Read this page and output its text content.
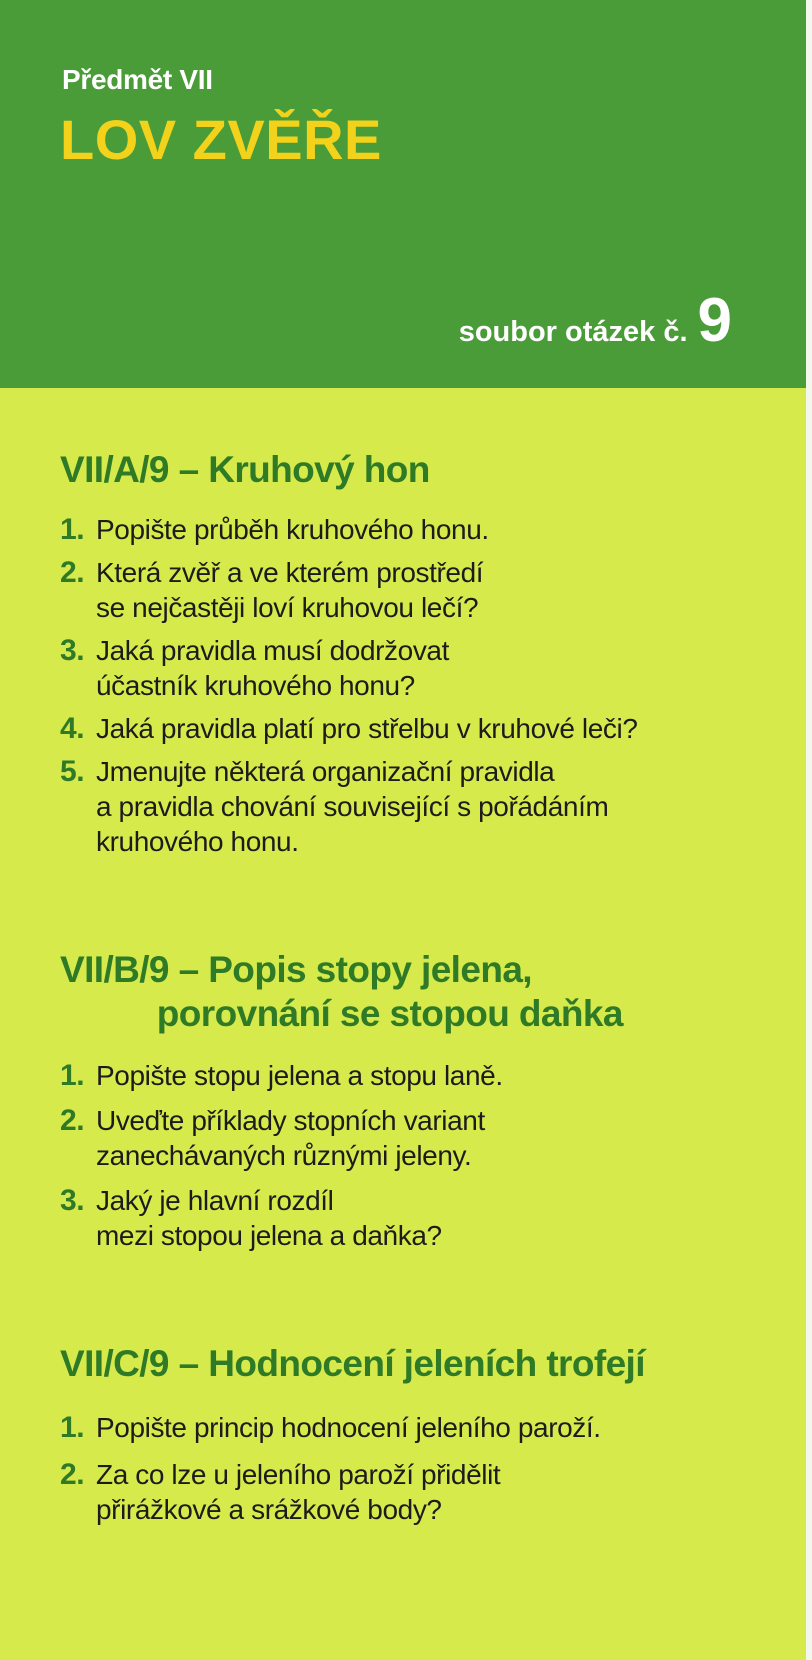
Předmět VII
LOV ZVĚŘE
soubor otázek č. 9
VII/A/9 – Kruhový hon
1. Popište průběh kruhového honu.
2. Která zvěř a ve kterém prostředí
se nejčastěji loví kruhovou lečí?
3. Jaká pravidla musí dodržovat
účastník kruhového honu?
4. Jaká pravidla platí pro střelbu v kruhové leči?
5. Jmenujte některá organizační pravidla
a pravidla chování související s pořádáním
kruhového honu.
VII/B/9 – Popis stopy jelena,
porovnání se stopou daňka
1. Popište stopu jelena a stopu laně.
2. Uveďte příklady stopních variant
zanechávaných různými jeleny.
3. Jaký je hlavní rozdíl
mezi stopou jelena a daňka?
VII/C/9 – Hodnocení jeleních trofejí
1. Popište princip hodnocení jeleního paroží.
2. Za co lze u jeleního paroží přidělit
přirážkové a srážkové body?
